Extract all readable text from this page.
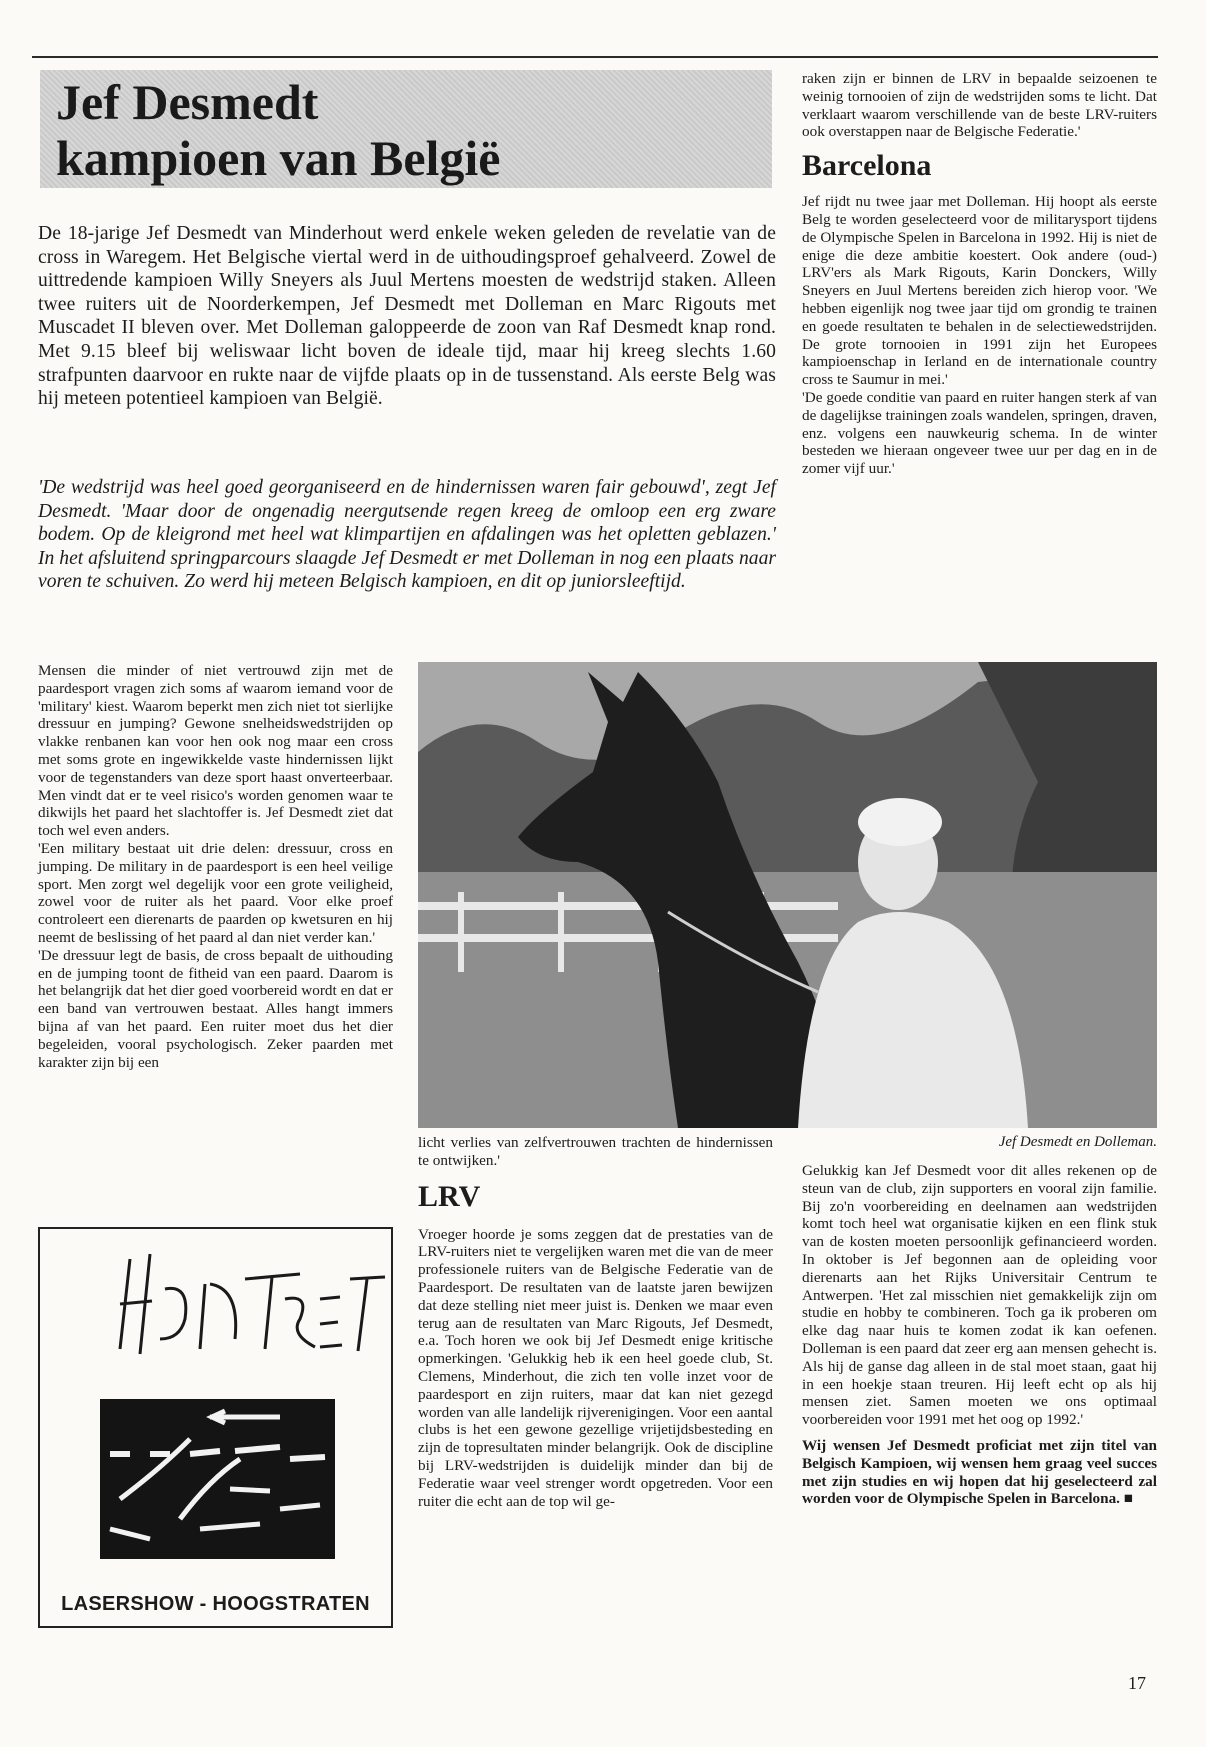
Jef Desmedt
kampioen van België

De 18-jarige Jef Desmedt van Minderhout werd enkele weken geleden de revelatie van de cross in Waregem. Het Belgische viertal werd in de uithoudingsproef gehalveerd. Zowel de uittredende kampioen Willy Sneyers als Juul Mertens moesten de wedstrijd staken. Alleen twee ruiters uit de Noorderkempen, Jef Desmedt met Dolleman en Marc Rigouts met Muscadet II bleven over. Met Dolleman galoppeerde de zoon van Raf Desmedt knap rond. Met 9.15 bleef bij weliswaar licht boven de ideale tijd, maar hij kreeg slechts 1.60 strafpunten daarvoor en rukte naar de vijfde plaats op in de tussenstand. Als eerste Belg was hij meteen potentieel kampioen van België.

'De wedstrijd was heel goed georganiseerd en de hindernissen waren fair gebouwd', zegt Jef Desmedt. 'Maar door de ongenadig neergutsende regen kreeg de omloop een erg zware bodem. Op de kleigrond met heel wat klimpartijen en afdalingen was het opletten geblazen.' In het afsluitend springparcours slaagde Jef Desmedt er met Dolleman in nog een plaats naar voren te schuiven. Zo werd hij meteen Belgisch kampioen, en dit op juniorsleeftijd.

raken zijn er binnen de LRV in bepaalde seizoenen te weinig tornooien of zijn de wedstrijden soms te licht. Dat verklaart waarom verschillende van de beste LRV-ruiters ook overstappen naar de Belgische Federatie.'

Barcelona

Jef rijdt nu twee jaar met Dolleman. Hij hoopt als eerste Belg te worden geselecteerd voor de militarysport tijdens de Olympische Spelen in Barcelona in 1992. Hij is niet de enige die deze ambitie koestert. Ook andere (oud-) LRV'ers als Mark Rigouts, Karin Donckers, Willy Sneyers en Juul Mertens bereiden zich hierop voor. 'We hebben eigenlijk nog twee jaar tijd om grondig te trainen en goede resultaten te behalen in de selectiewedstrijden. De grote tornooien in 1991 zijn het Europees kampioenschap in Ierland en de internationale country cross te Saumur in mei.'

'De goede conditie van paard en ruiter hangen sterk af van de dagelijkse trainingen zoals wandelen, springen, draven, enz. volgens een nauwkeurig schema. In de winter besteden we hieraan ongeveer twee uur per dag en in de zomer vijf uur.'

Mensen die minder of niet vertrouwd zijn met de paardesport vragen zich soms af waarom iemand voor de 'military' kiest. Waarom beperkt men zich niet tot sierlijke dressuur en jumping? Gewone snelheidswedstrijden op vlakke renbanen kan voor hen ook nog maar een cross met soms grote en ingewikkelde vaste hindernissen lijkt voor de tegenstanders van deze sport haast onverteerbaar. Men vindt dat er te veel risico's worden genomen waar te dikwijls het paard het slachtoffer is. Jef Desmedt ziet dat toch wel even anders.

'Een military bestaat uit drie delen: dressuur, cross en jumping. De military in de paardesport is een heel veilige sport. Men zorgt wel degelijk voor een grote veiligheid, zowel voor de ruiter als het paard. Voor elke proef controleert een dierenarts de paarden op kwetsuren en hij neemt de beslissing of het paard al dan niet verder kan.'

'De dressuur legt de basis, de cross bepaalt de uithouding en de jumping toont de fitheid van een paard. Daarom is het belangrijk dat het dier goed voorbereid wordt en dat er een band van vertrouwen bestaat. Alles hangt immers bijna af van het paard. Een ruiter moet dus het dier begeleiden, vooral psychologisch. Zeker paarden met karakter zijn bij een

Jef Desmedt en Dolleman.

licht verlies van zelfvertrouwen trachten de hindernissen te ontwijken.'

LRV

Vroeger hoorde je soms zeggen dat de prestaties van de LRV-ruiters niet te vergelijken waren met die van de meer professionele ruiters van de Belgische Federatie van de Paardesport. De resultaten van de laatste jaren bewijzen dat deze stelling niet meer juist is. Denken we maar even terug aan de resultaten van Marc Rigouts, Jef Desmedt, e.a. Toch horen we ook bij Jef Desmedt enige kritische opmerkingen. 'Gelukkig heb ik een heel goede club, St. Clemens, Minderhout, die zich ten volle inzet voor de paardesport en zijn ruiters, maar dat kan niet gezegd worden van alle landelijk rijverenigingen. Voor een aantal clubs is het een gewone gezellige vrijetijdsbesteding en zijn de topresultaten minder belangrijk. Ook de discipline bij LRV-wedstrijden is duidelijk minder dan bij de Federatie waar veel strenger wordt opgetreden. Voor een ruiter die echt aan de top wil ge-

Gelukkig kan Jef Desmedt voor dit alles rekenen op de steun van de club, zijn supporters en vooral zijn familie. Bij zo'n voorbereiding en deelnamen aan wedstrijden komt toch heel wat organisatie kijken en een flink stuk van de kosten moeten persoonlijk gefinancieerd worden. In oktober is Jef begonnen aan de opleiding voor dierenarts aan het Rijks Universitair Centrum te Antwerpen. 'Het zal misschien niet gemakkelijk zijn om studie en hobby te combineren. Toch ga ik proberen om elke dag naar huis te komen zodat ik kan oefenen. Dolleman is een paard dat zeer erg aan mensen gehecht is. Als hij de ganse dag alleen in de stal moet staan, gaat hij in een hoekje staan treuren. Hij leeft echt op als hij mensen ziet. Samen moeten we ons optimaal voorbereiden voor 1991 met het oog op 1992.'

Wij wensen Jef Desmedt proficiat met zijn titel van Belgisch Kampioen, wij wensen hem graag veel succes met zijn studies en wij hopen dat hij geselecteerd zal worden voor de Olympische Spelen in Barcelona. ■

LASERSHOW - HOOGSTRATEN
17
